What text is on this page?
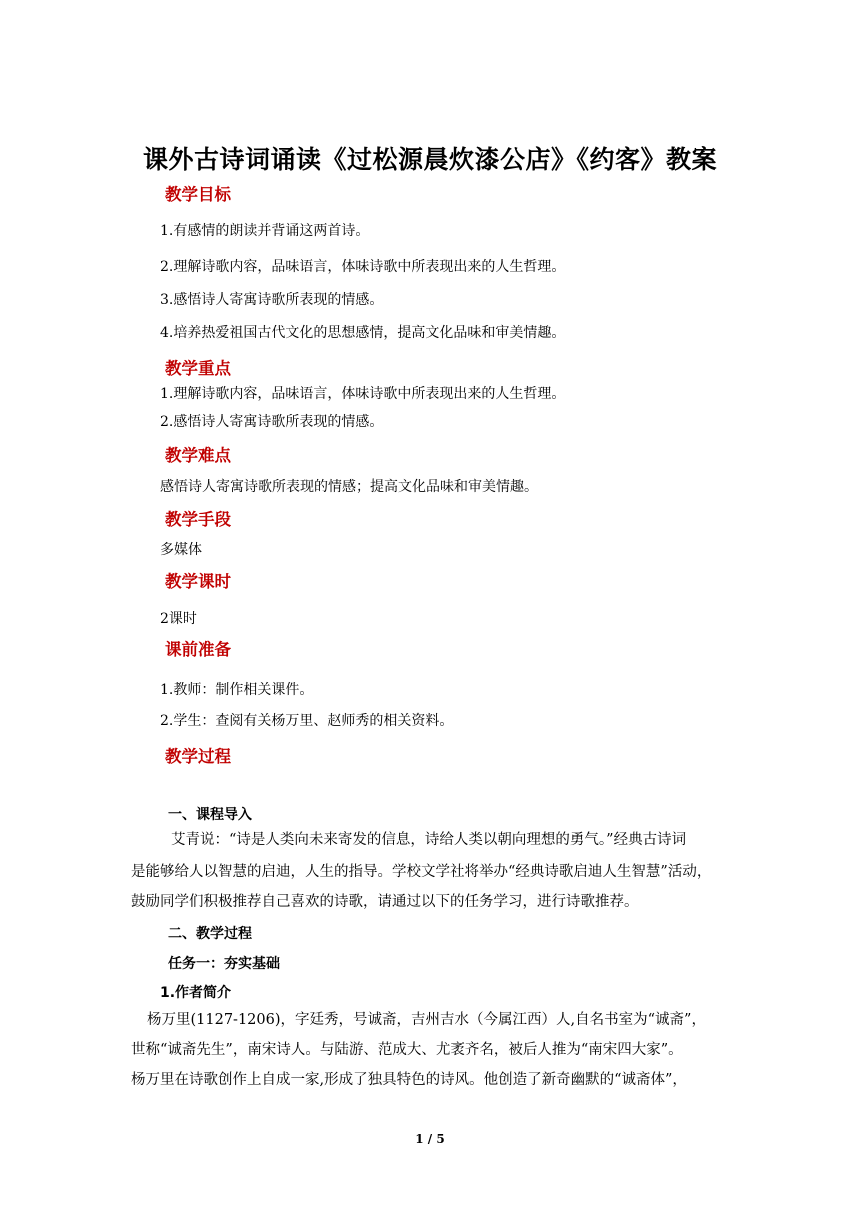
课外古诗词诵读《过松源晨炊漆公店》《约客》教案
教学目标
1.有感情的朗读并背诵这两首诗。
2.理解诗歌内容，品味语言，体味诗歌中所表现出来的人生哲理。
3.感悟诗人寄寓诗歌所表现的情感。
4.培养热爱祖国古代文化的思想感情，提高文化品味和审美情趣。
教学重点
1.理解诗歌内容，品味语言，体味诗歌中所表现出来的人生哲理。
2.感悟诗人寄寓诗歌所表现的情感。
教学难点
感悟诗人寄寓诗歌所表现的情感；提高文化品味和审美情趣。
教学手段
多媒体
教学课时
2课时
课前准备
1.教师：制作相关课件。
2.学生：查阅有关杨万里、赵师秀的相关资料。
教学过程
一、课程导入
艾青说：“诗是人类向未来寄发的信息，诗给人类以朝向理想的勇气。”经典古诗词
是能够给人以智慧的启迪，人生的指导。学校文学社将举办“经典诗歌启迪人生智慧”活动，
鼓励同学们积极推荐自己喜欢的诗歌，请通过以下的任务学习，进行诗歌推荐。
二、教学过程
任务一：夯实基础
1.作者简介
杨万里(1127-1206)，字廷秀，号诚斋，吉州吉水（今属江西）人,自名书室为“诚斋”，
世称“诚斋先生”，南宋诗人。与陆游、范成大、尤袤齐名，被后人推为“南宋四大家”。
杨万里在诗歌创作上自成一家,形成了独具特色的诗风。他创造了新奇幽默的“诚斋体”，
1 / 5
